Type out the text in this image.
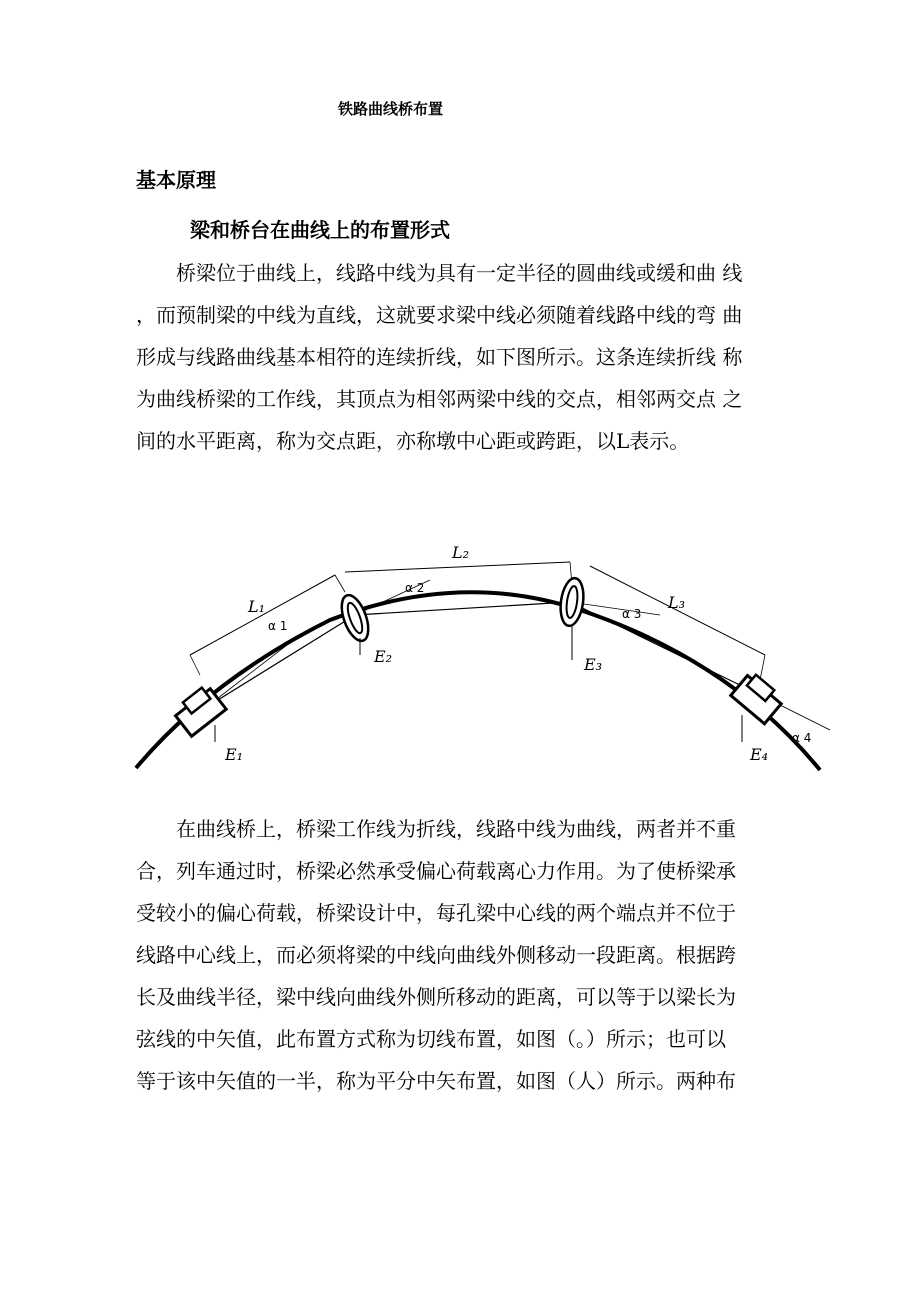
铁路曲线桥布置
基本原理
梁和桥台在曲线上的布置形式
桥梁位于曲线上，线路中线为具有一定半径的圆曲线或缓和曲 线
，而预制梁的中线为直线，这就要求梁中线必须随着线路中线的弯 曲
形成与线路曲线基本相符的连续折线，如下图所示。这条连续折线 称
为曲线桥梁的工作线，其顶点为相邻两梁中线的交点，相邻两交点 之
间的水平距离，称为交点距，亦称墩中心距或跨距，以L表示。
L₁
L₂
L₃
E₁
E₂	E₃
E₄
α 1
α 2
α 3
α 4
在曲线桥上，桥梁工作线为折线，线路中线为曲线，两者并不重
合，列车通过时，桥梁必然承受偏心荷载离心力作用。为了使桥梁承
受较小的偏心荷载，桥梁设计中，每孔梁中心线的两个端点并不位于
线路中心线上，而必须将梁的中线向曲线外侧移动一段距离。根据跨
长及曲线半径，梁中线向曲线外侧所移动的距离，可以等于以梁长为
弦线的中矢值，此布置方式称为切线布置，如图（。）所示；也可以
等于该中矢值的一半，称为平分中矢布置，如图（人）所示。两种布
